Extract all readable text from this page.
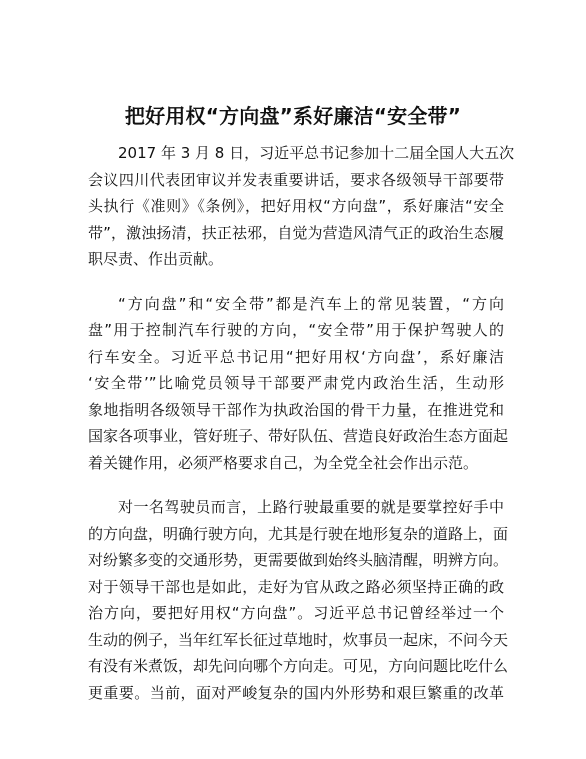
把好用权“方向盘”系好廉洁“安全带”
2017 年 3 月 8 日，习近平总书记参加十二届全国人大五次
会议四川代表团审议并发表重要讲话，要求各级领导干部要带
头执行《准则》《条例》，把好用权“方向盘”，系好廉洁“安全
带”，激浊扬清，扶正祛邪，自觉为营造风清气正的政治生态履
职尽责、作出贡献。
“方向盘”和“安全带”都是汽车上的常见装置，“方向
盘”用于控制汽车行驶的方向，“安全带”用于保护驾驶人的
行车安全。习近平总书记用“把好用权‘方向盘’，系好廉洁
‘安全带’”比喻党员领导干部要严肃党内政治生活，生动形
象地指明各级领导干部作为执政治国的骨干力量，在推进党和
国家各项事业，管好班子、带好队伍、营造良好政治生态方面起
着关键作用，必须严格要求自己，为全党全社会作出示范。
对一名驾驶员而言，上路行驶最重要的就是要掌控好手中
的方向盘，明确行驶方向，尤其是行驶在地形复杂的道路上，面
对纷繁多变的交通形势，更需要做到始终头脑清醒，明辨方向。
对于领导干部也是如此，走好为官从政之路必须坚持正确的政
治方向，要把好用权“方向盘”。习近平总书记曾经举过一个
生动的例子，当年红军长征过草地时，炊事员一起床，不问今天
有没有米煮饭，却先问向哪个方向走。可见，方向问题比吃什么
更重要。当前，面对严峻复杂的国内外形势和艰巨繁重的改革
